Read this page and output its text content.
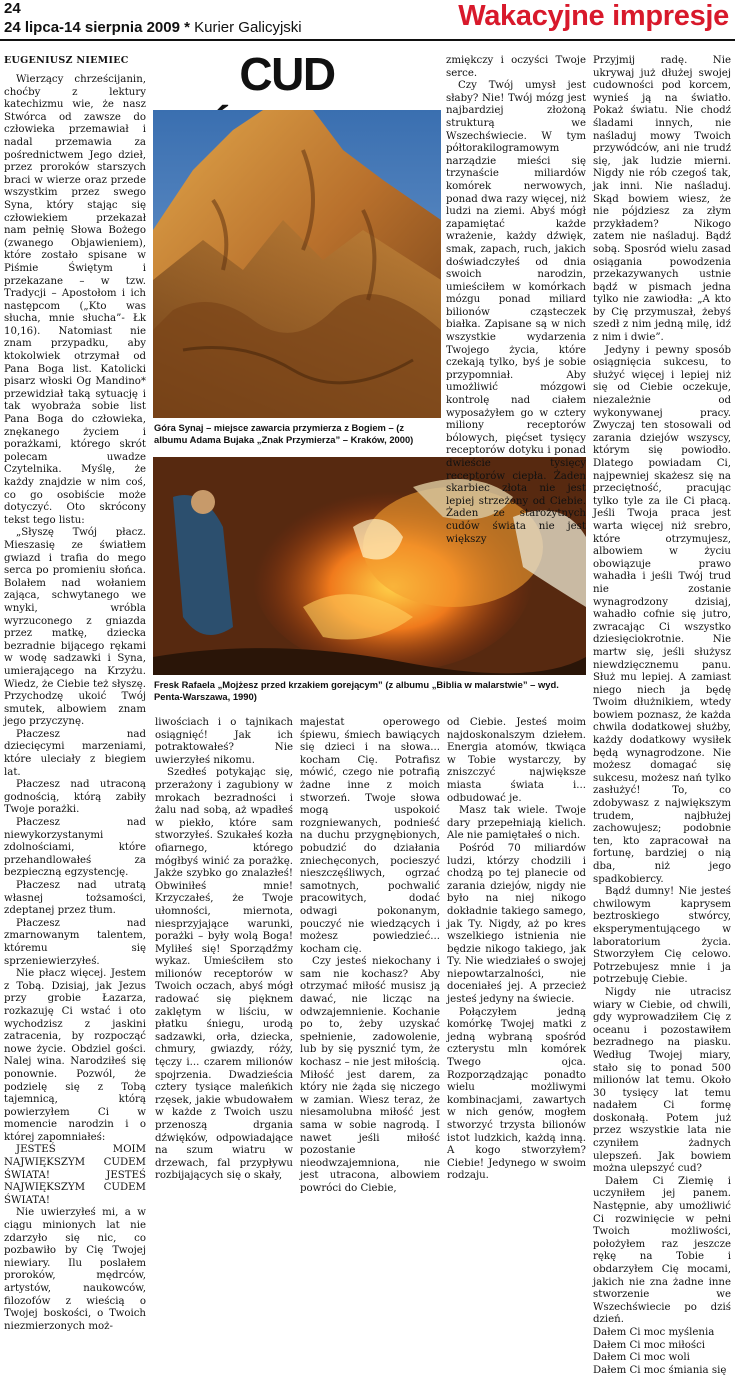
24
24 lipca-14 sierpnia 2009 * Kurier Galicyjski	Wakacyjne impresje
CUD
Góra Synaj – miejsce zawarcia przymierza z Bogiem – (z albumu Adama Bujaka „Znak Przymierza” – Kraków, 2000)
Fresk Rafaela „Mojżesz przed krzakiem gorejącym” (z albumu „Biblia w malarstwie” – wyd. Penta-Warszawa, 1990)
EUGENIUSZ NIEMIEC

Wierzący chrześcijanin, choćby z lektury katechizmu wie, że nasz Stwórca od zawsze do człowieka przemawiał i nadal przemawia za pośrednictwem Jego dzieł, przez proroków starszych braci w wierze oraz przede wszystkim przez swego Syna, który stając się człowiekiem przekazał nam pełnię Słowa Bożego (zwanego Objawieniem), które zostało spisane w Piśmie Świętym i przekazane – w tzw. Tradycji – Apostołom i ich następcom („Kto was słucha, mnie słucha”- Łk 10,16). Natomiast nie znam przypadku, aby ktokolwiek otrzymał od Pana Boga list. Katolicki pisarz włoski Og Mandino* przewidział taką sytuację i tak wyobraża sobie list Pana Boga do człowieka, znękanego życiem i porażkami, którego skrót polecam uwadze Czytelnika. Myślę, że każdy znajdzie w nim coś, co go osobiście może dotyczyć. Oto skrócony tekst tego listu:

„Słyszę Twój płacz. Mieszasię ze światłem gwiazd i trafia do mego serca po promieniu słońca. Bolałem nad wołaniem zająca, schwytanego we wnyki, wróbla wyrzuconego z gniazda przez matkę, dziecka bezradnie bijącego rękami w wodę sadzawki i Syna, umierającego na Krzyżu. Wiedz, że Ciebie też słyszę. Przychodzę ukoić Twój smutek, albowiem znam jego przyczynę.

Płaczesz nad dziecięcymi marzeniami, które uleciały z biegiem lat.

Płaczesz nad utraconą godnością, którą zabiły Twoje porażki.

Płaczesz nad niewykorzystanymi zdolnościami, które przehandlowałeś za bezpieczną egzystencję.

Płaczesz nad utratą własnej tożsamości, zdeptanej przez tłum.

Płaczesz nad zmarnowanym talentem, któremu się sprzeniewierzyłeś.

Nie płacz więcej. Jestem z Tobą. Dzisiaj, jak Jezus przy grobie Łazarza, rozkazuję Ci wstać i oto wychodzisz z jaskini zatracenia, by rozpocząć nowe życie. Obdziel gości. Nalej wina. Narodziłeś się ponownie. Pozwól, że podzielę się z Tobą tajemnicą, którą powierzyłem Ci w momencie narodzin i o której zapomniałeś:

JESTEŚ MOIM NAJWIĘKSZYM CUDEM ŚWIATA! JESTEŚ NAJWIĘKSZYM CUDEM ŚWIATA!

Nie uwierzyłeś mi, a w ciągu minionych lat nie zdarzyło się nic, co pozbawiło by Cię Twojej niewiary. Ilu poslałem proroków, mędrców, artystów, naukowców, filozofów z wieścią o Twojej boskości, o Twoich niezmierzonych moż-

zmiękczy i oczyści Twoje serce.

Czy Twój umysł jest słaby? Nie! Twój mózg jest najbardziej złożoną strukturą we Wszechświecie. W tym półtorakilogramowym narządzie mieści się trzynaście miliardów komórek nerwowych, ponad dwa razy więcej, niż ludzi na ziemi. Abyś mógł zapamiętać każde wrażenie, każdy dźwięk, smak, zapach, ruch, jakich doświadczyłeś od dnia swoich narodzin, umieściłem w komórkach mózgu ponad miliard bilionów cząsteczek białka. Zapisane są w nich wszystkie wydarzenia Twojego życia, które czekają tylko, byś je sobie przypomniał. Aby umożliwić mózgowi kontrolę nad ciałem wyposażyłem go w cztery miliony receptorów bólowych, pięćset tysięcy receptorów dotyku i ponad dwieście tysięcy receptorów ciepła. Żaden skarbiec złota nie jest lepiej strzeżony od Ciebie. Żaden ze starożytnych cudów świata nie jest większy

Przyjmij radę. Nie ukrywaj już dłużej swojej cudowności pod korcem, wynieś ją na światło. Pokaż światu. Nie chodź śladami innych, nie naśladuj mowy Twoich przywódców, ani nie trudź się, jak ludzie mierni. Nigdy nie rób czegoś tak, jak inni. Nie naśladuj. Skąd bowiem wiesz, że nie pójdziesz za złym przykładem? Nikogo zatem nie naśladuj. Bądź sobą. Sposród wielu zasad osiągania powodzenia przekazywanych ustnie bądź w pismach jedna tylko nie zawiodła: „A kto by Cię przymuszał, żebyś szedł z nim jedną milę, idź z nim i dwie”.

Jedyny i pewny sposób osiągnięcia sukcesu, to służyć więcej i lepiej niż się od Ciebie oczekuje, niezależnie od wykonywanej pracy. Zwyczaj ten stosowali od zarania dziejów wszyscy, którym się powiodło. Dlatego powiadam Ci, najpewniej skażesz się na przeciętność, pracując tylko tyle za ile Ci płacą. Jeśli Twoja praca jest warta więcej niż srebro, które otrzymujesz, albowiem w życiu obowiązuje prawo wahadła i jeśli Twój trud nie zostanie wynagrodzony dzisiaj, wahadło cofnie się jutro, zwracając Ci wszystko dziesięciokrotnie. Nie martw się, jeśli służysz niewdzięcznemu panu. Służ mu lepiej. A zamiast niego niech ja będę Twoim dłużnikiem, wtedy bowiem poznasz, że każda chwila dodatkowej służby, każdy dodatkowy wysiłek będą wynagrodzone. Nie możesz domagać się sukcesu, możesz nań tylko zasłużyć! To, co zdobywasz z największym trudem, najbłużej zachowujesz; podobnie ten, kto zapracował na fortunę, bardziej o nią dba, niż jego spadkobiercy.

Bądź dumny! Nie jesteś chwilowym kaprysem beztroskiego stwórcy, eksperymentującego w laboratorium życia. Stworzyłem Cię celowo. Potrzebujesz mnie i ja potrzebuję Ciebie.

Nigdy nie utracisz wiary w Ciebie, od chwili, gdy wyprowadziłem Cię z oceanu i pozostawiłem bezradnego na piasku. Według Twojej miary, stało się to ponad 500 milionów lat temu. Około 30 tysięcy lat temu nadałem Ci formę doskonałą. Potem już przez wszystkie lata nie czyniłem żadnych ulepszeń. Jak bowiem można ulepszyć cud?

Dałem Ci Ziemię i uczyniłem jej panem. Następnie, aby umożliwić Ci rozwinięcie w pełni Twoich możliwości, położyłem raz jeszcze rękę na Tobie i obdarzyłem Cię mocami, jakich nie zna żadne inne stworzenie we Wszechświecie po dziś dzień.

Dałem Ci moc myślenia

Dałem Ci moc miłości

Dałem Ci moc woli

Dałem Ci moc śmiania się

liwościach i o tajnikach osiągnięć! Jak ich potraktowałeś? Nie uwierzyłeś nikomu.

Szedłeś potykając się, przerażony i zagubiony w mrokach bezradności i żalu nad sobą, aż wpadłeś w piekło, które sam stworzyłeś. Szukałeś kozła ofiarnego, którego mógłbyś winić za porażkę. Jakże szybko go znalazłeś! Obwiniłeś mnie! Krzyczałeś, że Twoje ułomności, miernota, niesprzyjające warunki, porażki – były wolą Boga! Myliłeś się! Sporządźmy wykaz. Umieściłem sto milionów receptorów w Twoich oczach, abyś mógł radować się pięknem zaklętym w liściu, w płatku śniegu, urodą sadzawki, orła, dziecka, chmury, gwiazdy, róży, tęczy i... czarem milionów spojrzenia. Dwadzieścia cztery tysiące maleńkich rzęsek, jakie wbudowałem w każde z Twoich uszu przenoszą drgania dźwięków, odpowiadające na szum wiatru w drzewach, fal przypływu rozbijających się o skały,

majestat operowego śpiewu, śmiech bawiących się dzieci i na słowa... kocham Cię. Potrafisz mówić, czego nie potrafią żadne inne z moich stworzeń. Twoje słowa mogą uspokoić rozgniewanych, podnieść na duchu przygnębionych, pobudzić do działania zniechęconych, pocieszyć nieszczęśliwych, ogrzać samotnych, pochwalić pracowitych, dodać odwagi pokonanym, pouczyć nie wiedzących i możesz powiedzieć... kocham cię.

Czy jesteś niekochany i sam nie kochasz? Aby otrzymać miłość musisz ją dawać, nie licząc na odwzajemnienie. Kochanie po to, żeby uzyskać spełnienie, zadowolenie, lub by się pysznić tym, że kochasz – nie jest miłością. Miłość jest darem, za który nie żąda się niczego w zamian. Wiesz teraz, że niesamolubna miłość jest sama w sobie nagrodą. I nawet jeśli miłość pozostanie nieodwzajemniona, nie jest utracona, albowiem powróci do Ciebie,

od Ciebie. Jesteś moim najdoskonalszym dziełem. Energia atomów, tkwiąca w Tobie wystarczy, by zniszczyć największe miasta świata i... odbudować je.

Masz tak wiele. Twoje dary przepełniają kielich. Ale nie pamiętałeś o nich.

Pośród 70 miliardów ludzi, którzy chodzili i chodzą po tej planecie od zarania dziejów, nigdy nie było na niej nikogo dokładnie takiego samego, jak Ty. Nigdy, aż po kres wszelkiego istnienia nie będzie nikogo takiego, jak Ty. Nie wiedziałeś o swojej niepowtarzalności, nie doceniałeś jej. A przecież jesteś jedyny na świecie.

Połączyłem jedną komórkę Twojej matki z jedną wybraną spośród czterystu mln komórek Twego ojca. Rozporządzając ponadto wielu możliwymi kombinacjami, zawartych w nich genów, mogłem stworzyć trzysta bilionów istot ludzkich, każdą inną. A kogo stworzyłem? Ciebie! Jedynego w swoim rodzaju.
